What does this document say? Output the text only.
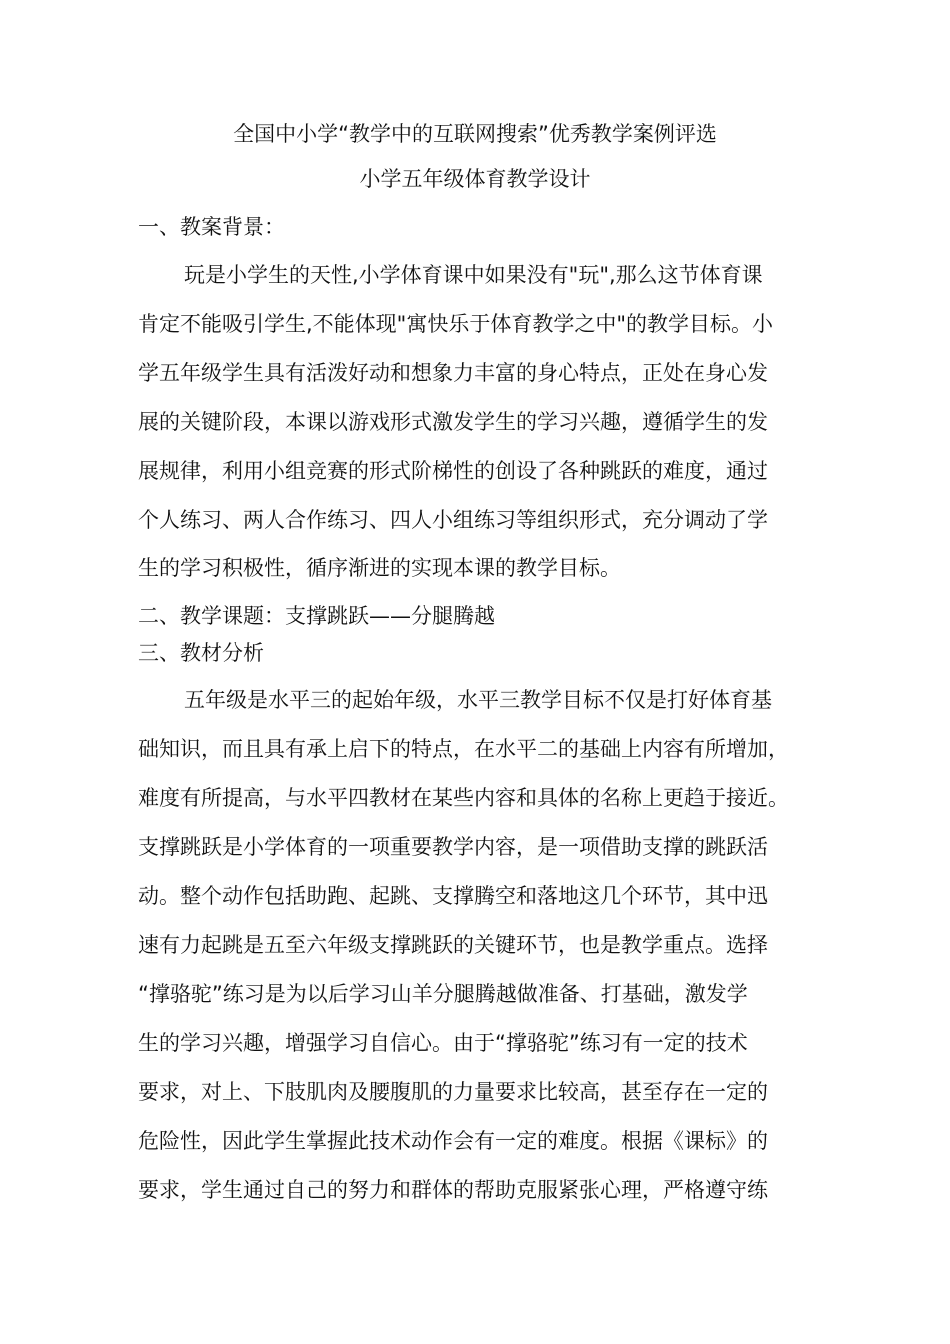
全国中小学“教学中的互联网搜索”优秀教学案例评选
小学五年级体育教学设计
一、教案背景：
玩是小学生的天性,小学体育课中如果没有"玩",那么这节体育课
肯定不能吸引学生,不能体现"寓快乐于体育教学之中"的教学目标。小
学五年级学生具有活泼好动和想象力丰富的身心特点，正处在身心发
展的关键阶段，本课以游戏形式激发学生的学习兴趣，遵循学生的发
展规律，利用小组竞赛的形式阶梯性的创设了各种跳跃的难度，通过
个人练习、两人合作练习、四人小组练习等组织形式，充分调动了学
生的学习积极性，循序渐进的实现本课的教学目标。
二、教学课题：支撑跳跃——分腿腾越
三、教材分析
五年级是水平三的起始年级，水平三教学目标不仅是打好体育基
础知识，而且具有承上启下的特点，在水平二的基础上内容有所增加，
难度有所提高，与水平四教材在某些内容和具体的名称上更趋于接近。
支撑跳跃是小学体育的一项重要教学内容，是一项借助支撑的跳跃活
动。整个动作包括助跑、起跳、支撑腾空和落地这几个环节，其中迅
速有力起跳是五至六年级支撑跳跃的关键环节，也是教学重点。选择
“撑骆驼”练习是为以后学习山羊分腿腾越做准备、打基础，激发学
生的学习兴趣，增强学习自信心。由于“撑骆驼”练习有一定的技术
要求，对上、下肢肌肉及腰腹肌的力量要求比较高，甚至存在一定的
危险性，因此学生掌握此技术动作会有一定的难度。根据《课标》的
要求，学生通过自己的努力和群体的帮助克服紧张心理，严格遵守练
